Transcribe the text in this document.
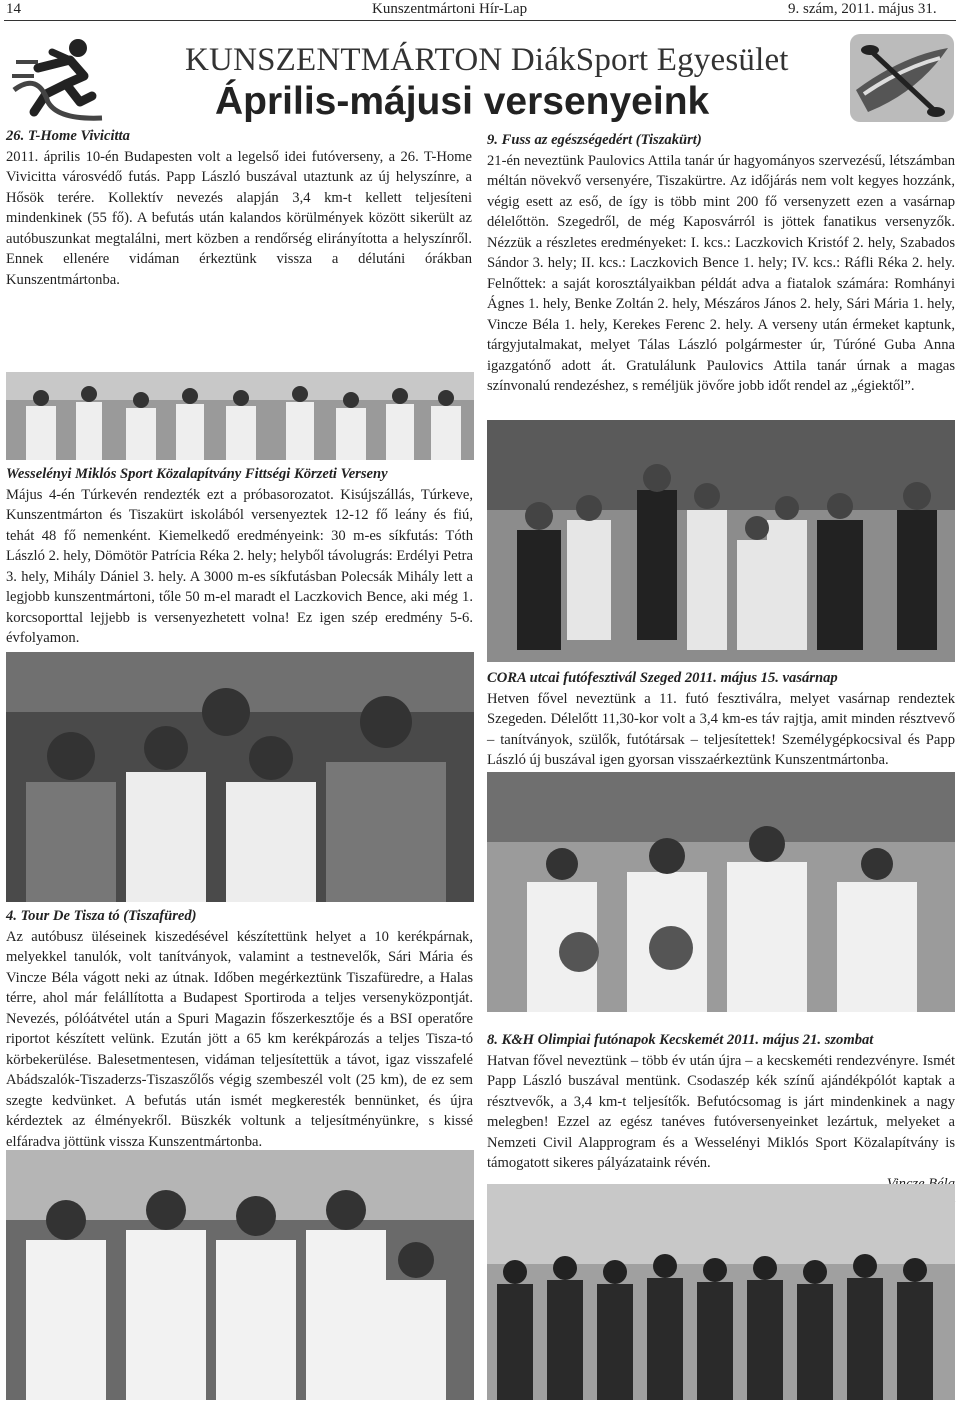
14	Kunszentmártoni Hír-Lap	9. szám, 2011. május 31.
KUNSZENTMÁRTON DiákSport Egyesület
Április-májusi versenyeink

26. T-Home Vivicitta

2011. április 10-én Budapesten volt a legelső idei futóverseny, a 26. T-Home Vivicitta városvédő futás. Papp László buszával utaztunk az új helyszínre, a Hősök terére. Kollektív nevezés alapján 3,4 km-t kellett teljesíteni mindenkinek (55 fő). A befutás után kalandos körülmények között sikerült az autóbuszunkat megtalálni, mert közben a rendőrség elirányította a helyszínről. Ennek ellenére vidáman érkeztünk vissza a délutáni órákban Kunszentmártonba.

9. Fuss az egészségedért (Tiszakürt)

21-én neveztünk Paulovics Attila tanár úr hagyományos szervezésű, létszámban méltán növekvő versenyére, Tiszakürtre. Az időjárás nem volt kegyes hozzánk, végig esett az eső, de így is több mint 200 fő versenyzett ezen a vasárnap délelőttön. Szegedről, de még Kaposvárról is jöttek fanatikus versenyzők. Nézzük a részletes eredményeket: I. kcs.: Laczkovich Kristóf 2. hely, Szabados Sándor 3. hely; II. kcs.: Laczkovich Bence 1. hely; IV. kcs.: Ráfli Réka 2. hely. Felnőttek: a saját korosztályaikban példát adva a fiatalok számára: Romhányi Ágnes 1. hely, Benke Zoltán 2. hely, Mészáros János 2. hely, Sári Mária 1. hely, Vincze Béla 1. hely, Kerekes Ferenc 2. hely. A verseny után érmeket kaptunk, tárgyjutalmakat, melyet Tálas László polgármester úr, Túróné Guba Anna igazgatónő adott át. Gratulálunk Paulovics Attila tanár úrnak a magas színvonalú rendezéshez, s reméljük jövőre jobb időt rendel az „égiektől”.

Wesselényi Miklós Sport Közalapítvány Fittségi Körzeti Verseny

Május 4-én Túrkevén rendezték ezt a próbasorozatot. Kisújszállás, Túrkeve, Kunszentmárton és Tiszakürt iskolából versenyeztek 12-12 fő leány és fiú, tehát 48 fő nemenként. Kiemelkedő eredményeink: 30 m-es síkfutás: Tóth László 2. hely, Dömötör Patrícia Réka 2. hely; helyből távolugrás: Erdélyi Petra 3. hely, Mihály Dániel 3. hely. A 3000 m-es síkfutásban Polecsák Mihály lett a legjobb kunszentmártoni, tőle 50 m-el maradt el Laczkovich Bence, aki még 1. korcsoporttal lejjebb is versenyezhetett volna! Ez igen szép eredmény 5-6. évfolyamon.

CORA utcai futófesztivál Szeged 2011. május 15. vasárnap

Hetven fővel neveztünk a 11. futó fesztiválra, melyet vasárnap rendeztek Szegeden. Délelőtt 11,30-kor volt a 3,4 km-es táv rajtja, amit minden résztvevő – tanítványok, szülők, futótársak – teljesítettek! Személygépkocsival és Papp László új buszával igen gyorsan visszaérkeztünk Kunszentmártonba.

4. Tour De Tisza tó (Tiszafüred)

Az autóbusz üléseinek kiszedésével készítettünk helyet a 10 kerékpárnak, melyekkel tanulók, volt tanítványok, valamint a testnevelők, Sári Mária és Vincze Béla vágott neki az útnak. Időben megérkeztünk Tiszafüredre, a Halas térre, ahol már felállította a Budapest Sportiroda a teljes versenyközpontját. Nevezés, pólóátvétel után a Spuri Magazin főszerkesztője és a BSI operatőre riportot készített velünk. Ezután jött a 65 km kerékpározás a teljes Tisza-tó körbekerülése. Balesetmentesen, vidáman teljesítettük a távot, igaz visszafelé Abádszalók-Tiszaderzs-Tiszaszőlős végig szembeszél volt (25 km), de ez sem szegte kedvünket. A befutás után ismét megkeresték bennünket, és újra kérdeztek az élményekről. Büszkék voltunk a teljesítményünkre, s kissé elfáradva jöttünk vissza Kunszentmártonba.

8. K&H Olimpiai futónapok Kecskemét 2011. május 21. szombat

Hatvan fővel neveztünk – több év után újra – a kecskeméti rendezvényre. Ismét Papp László buszával mentünk. Csodaszép kék színű ajándékpólót kaptak a résztvevők, a 3,4 km-t teljesítők. Befutócsomag is járt mindenkinek a nagy melegben! Ezzel az egész tanéves futóversenyeinket lezártuk, melyeket a Nemzeti Civil Alapprogram és a Wesselényi Miklós Sport Közalapítvány is támogatott sikeres pályázataink révén.
